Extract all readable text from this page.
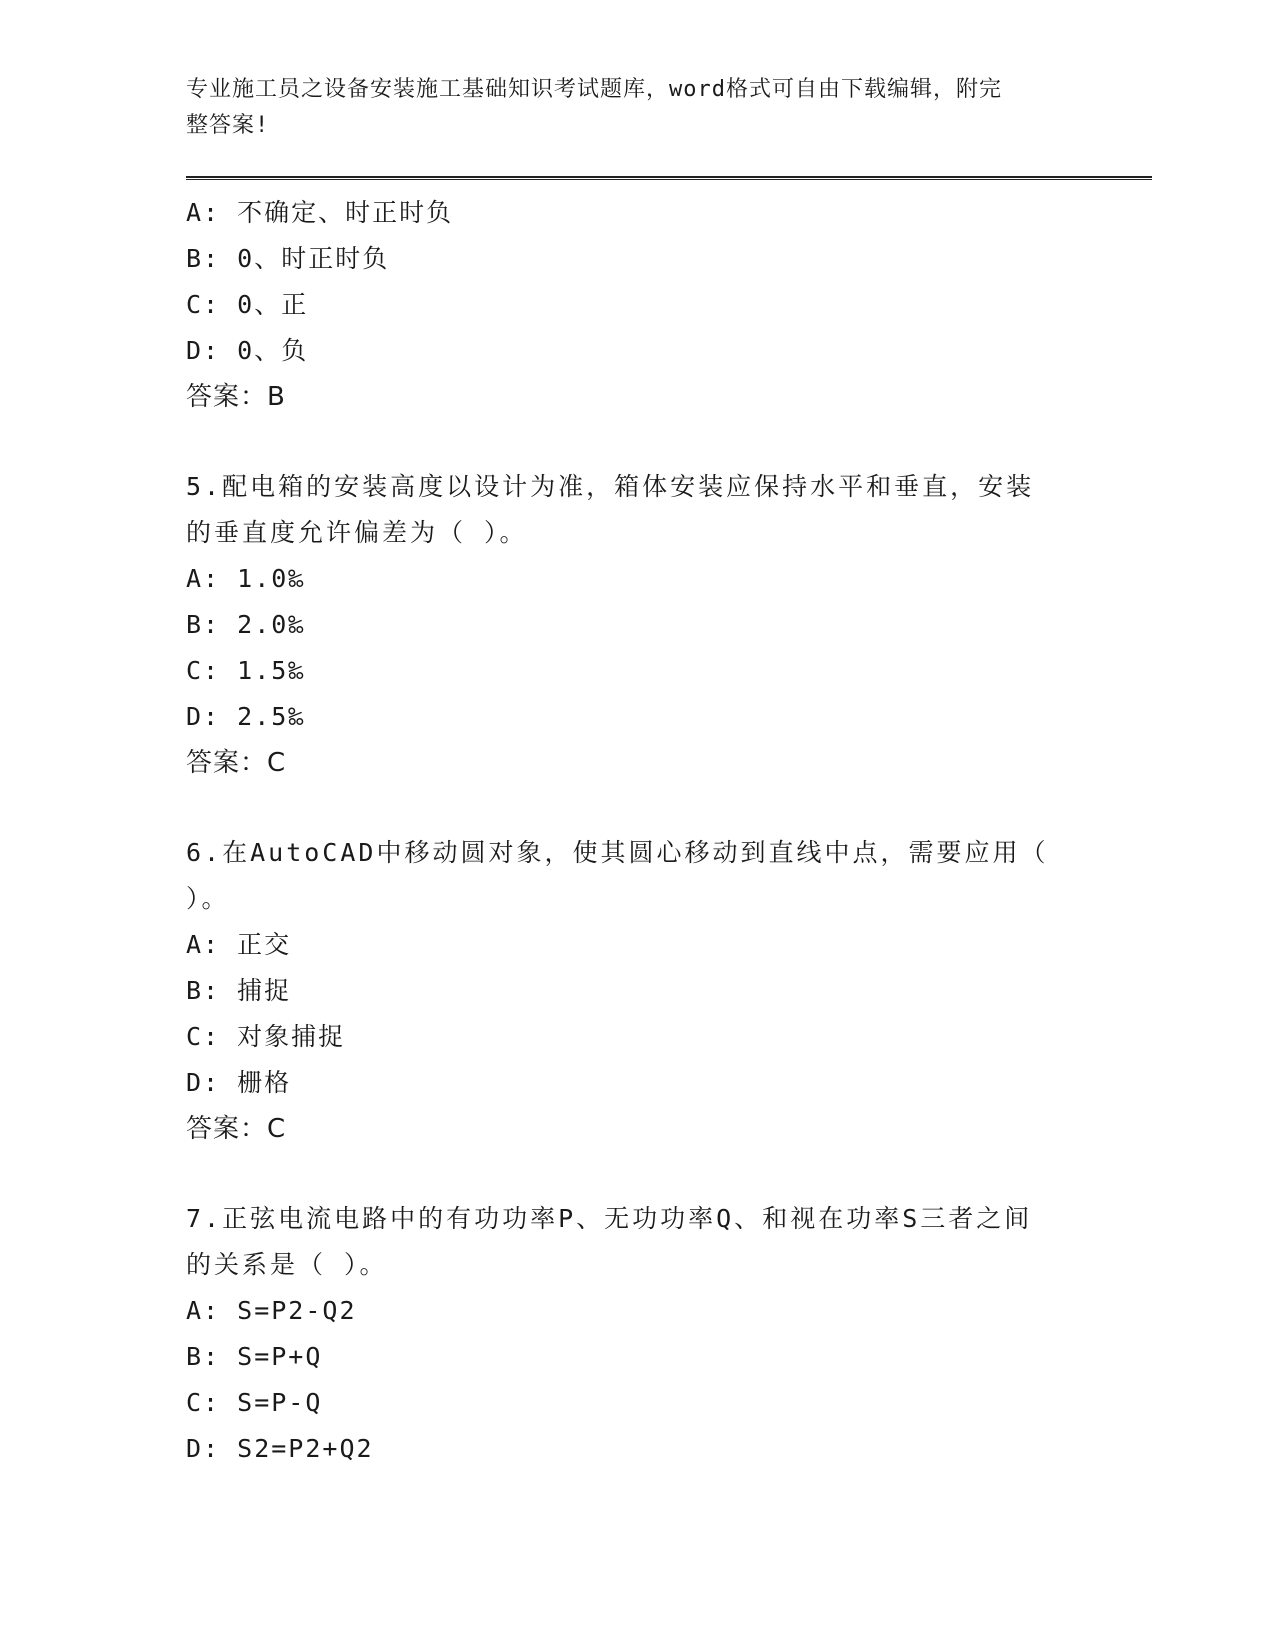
专业施工员之设备安装施工基础知识考试题库，word格式可自由下载编辑，附完
整答案!
A: 不确定、时正时负
B: 0、时正时负
C: 0、正
D: 0、负
答案：B
5.配电箱的安装高度以设计为准，箱体安装应保持水平和垂直，安装
的垂直度允许偏差为（ ）。
A: 1.0‰
B: 2.0‰
C: 1.5‰
D: 2.5‰
答案：C
6.在AutoCAD中移动圆对象，使其圆心移动到直线中点，需要应用（
）。
A: 正交
B: 捕捉
C: 对象捕捉
D: 栅格
答案：C
7.正弦电流电路中的有功功率P、无功功率Q、和视在功率S三者之间
的关系是（ ）。
A: S=P2-Q2
B: S=P+Q
C: S=P-Q
D: S2=P2+Q2
